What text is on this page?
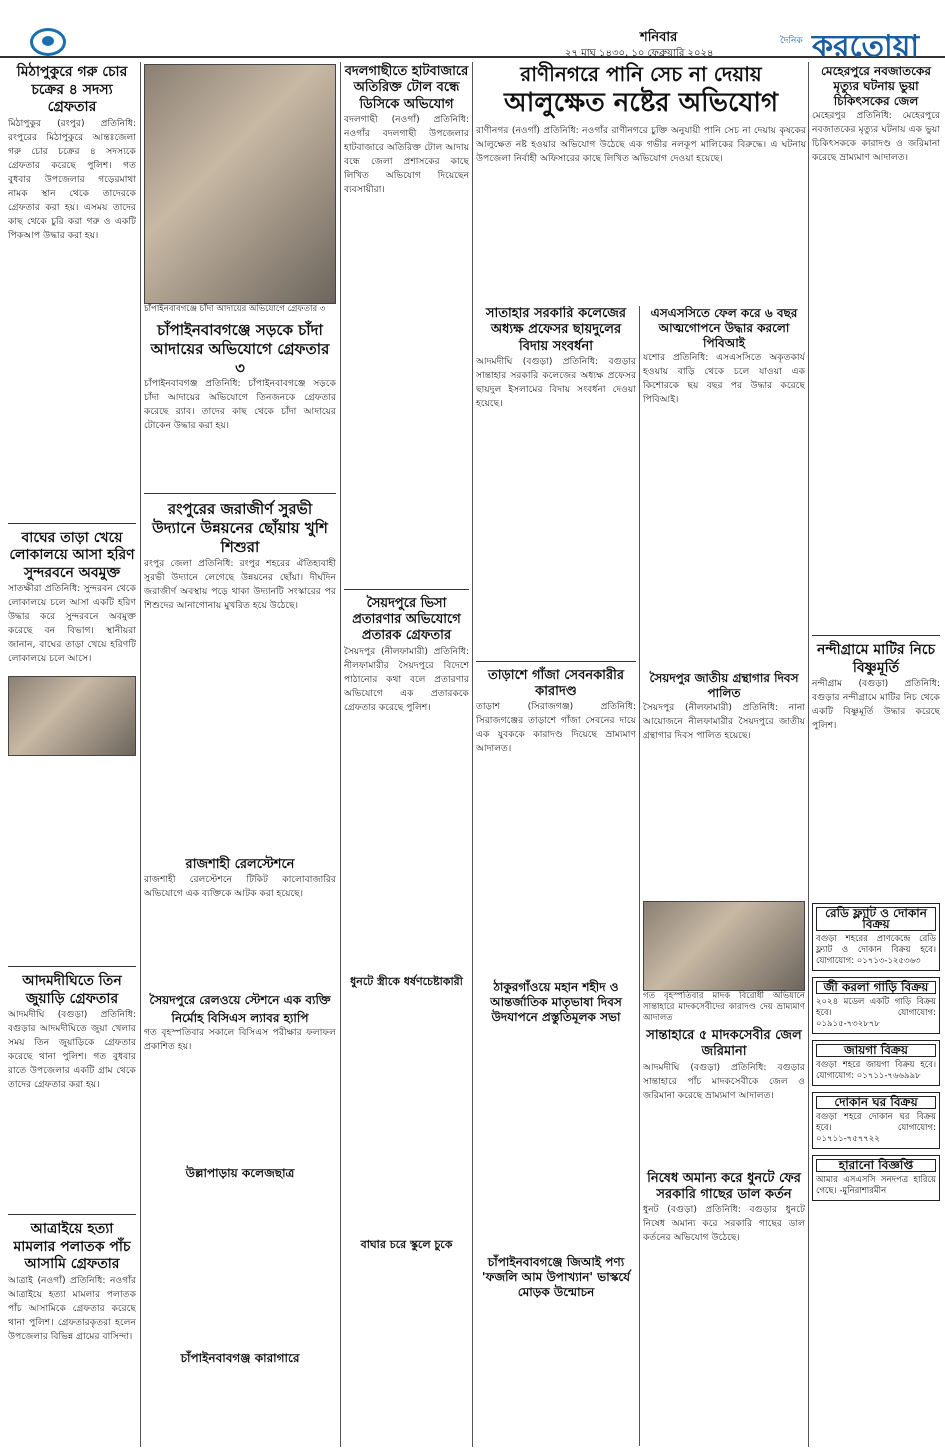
শনিবার
২৭ মাঘ ১৪৩০, ১০ ফেব্রুয়ারি ২০২৪
দৈনিক করতোয়া
মিঠাপুকুরে গরু চোর চক্রের ৪ সদস্য গ্রেফতার
মিঠাপুকুর (রংপুর) প্রতিনিধি: রংপুরের মিঠাপুকুরে আন্তঃজেলা গরু চোর চক্রের ৪ সদস্যকে গ্রেফতার করেছে পুলিশ। গত বুধবার উপজেলার গড়েরমাথা নামক স্থান থেকে তাদেরকে গ্রেফতার করা হয়। এসময় তাদের কাছ থেকে চুরি করা গরু ও একটি পিকআপ উদ্ধার করা হয়।
বাঘের তাড়া খেয়ে লোকালয়ে আসা হরিণ সুন্দরবনে অবমুক্ত
সাতক্ষীরা প্রতিনিধি: সুন্দরবন থেকে লোকালয়ে চলে আসা একটি হরিণ উদ্ধার করে সুন্দরবনে অবমুক্ত করেছে বন বিভাগ। স্থানীয়রা জানান, বাঘের তাড়া খেয়ে হরিণটি লোকালয়ে চলে আসে।
আদমদীঘিতে তিন জুয়াড়ি গ্রেফতার
আদমদীঘি (বগুড়া) প্রতিনিধি: বগুড়ার আদমদীঘিতে জুয়া খেলার সময় তিন জুয়াড়িকে গ্রেফতার করেছে থানা পুলিশ। গত বুধবার রাতে উপজেলার একটি গ্রাম থেকে তাদের গ্রেফতার করা হয়।
আত্রাইয়ে হত্যা মামলার পলাতক পাঁচ আসামি গ্রেফতার
আত্রাই (নওগাঁ) প্রতিনিধি: নওগাঁর আত্রাইয়ে হত্যা মামলার পলাতক পাঁচ আসামিকে গ্রেফতার করেছে থানা পুলিশ। গ্রেফতারকৃতরা হলেন উপজেলার বিভিন্ন গ্রামের বাসিন্দা।
চাঁপাইনবাবগঞ্জে চাঁদা আদায়ের অভিযোগে গ্রেফতার ৩
চাঁপাইনবাবগঞ্জে সড়কে চাঁদা আদায়ের অভিযোগে গ্রেফতার ৩
চাঁপাইনবাবগঞ্জ প্রতিনিধি: চাঁপাইনবাবগঞ্জে সড়কে চাঁদা আদায়ের অভিযোগে তিনজনকে গ্রেফতার করেছে র‌্যাব। তাদের কাছ থেকে চাঁদা আদায়ের টোকেন উদ্ধার করা হয়।
রংপুরের জরাজীর্ণ সুরভী উদ্যানে উন্নয়নের ছোঁয়ায় খুশি শিশুরা
রংপুর জেলা প্রতিনিধি: রংপুর শহরের ঐতিহ্যবাহী সুরভী উদ্যানে লেগেছে উন্নয়নের ছোঁয়া। দীর্ঘদিন জরাজীর্ণ অবস্থায় পড়ে থাকা উদ্যানটি সংস্কারের পর শিশুদের আনাগোনায় মুখরিত হয়ে উঠেছে।
রাজশাহী রেলস্টেশনে
রাজশাহী রেলস্টেশনে টিকিট কালোবাজারির অভিযোগে এক ব্যক্তিকে আটক করা হয়েছে।
সৈয়দপুরে রেলওয়ে স্টেশনে এক ব্যক্তি
নির্মোহ বিসিএস ল্যাবর হ্যাপি
গত বৃহস্পতিবার সকালে বিসিএস পরীক্ষার ফলাফল প্রকাশিত হয়।
উল্লাপাড়ায় কলেজছাত্র
চাঁপাইনবাবগঞ্জ কারাগারে
বদলগাছীতে হাটবাজারে অতিরিক্ত টোল বন্ধে ডিসিকে অভিযোগ
বদলগাছী (নওগাঁ) প্রতিনিধি: নওগাঁর বদলগাছী উপজেলার হাটবাজারে অতিরিক্ত টোল আদায় বন্ধে জেলা প্রশাসকের কাছে লিখিত অভিযোগ দিয়েছেন ব্যবসায়ীরা।
সৈয়দপুরে ভিসা প্রতারণার অভিযোগে প্রতারক গ্রেফতার
সৈয়দপুর (নীলফামারী) প্রতিনিধি: নীলফামারীর সৈয়দপুরে বিদেশে পাঠানোর কথা বলে প্রতারণার অভিযোগে এক প্রতারককে গ্রেফতার করেছে পুলিশ।
ধুনটে স্ত্রীকে ধর্ষণচেষ্টাকারী
বাঘার চরে স্কুলে চুকে
রাণীনগরে পানি সেচ না দেয়ায়
আলুক্ষেত নষ্টের অভিযোগ
রাণীনগর (নওগাঁ) প্রতিনিধি: নওগাঁর রাণীনগরে চুক্তি অনুযায়ী পানি সেচ না দেয়ায় কৃষকের আলুক্ষেত নষ্ট হওয়ার অভিযোগ উঠেছে এক গভীর নলকূপ মালিকের বিরুদ্ধে। এ ঘটনায় উপজেলা নির্বাহী অফিসারের কাছে লিখিত অভিযোগ দেওয়া হয়েছে।
সাতাহার সরকারি কলেজের অধ্যক্ষ প্রফেসর ছায়দুলের বিদায় সংবর্ধনা
আদমদীঘি (বগুড়া) প্রতিনিধি: বগুড়ার সান্তাহার সরকারি কলেজের অধ্যক্ষ প্রফেসর ছায়দুল ইসলামের বিদায় সংবর্ধনা দেওয়া হয়েছে।
তাড়াশে গাঁজা সেবনকারীর কারাদণ্ড
তাড়াশ (সিরাজগঞ্জ) প্রতিনিধি: সিরাজগঞ্জের তাড়াশে গাঁজা সেবনের দায়ে এক যুবককে কারাদণ্ড দিয়েছে ভ্রাম্যমাণ আদালত।
ঠাকুরগাঁওয়ে মহান শহীদ ও আন্তর্জাতিক মাতৃভাষা দিবস উদযাপনে প্রস্তুতিমূলক সভা
চাঁপাইনবাবগঞ্জে জিআই পণ্য 'ফজলি আম উপাখ্যান' ভাস্কর্যে মোড়ক উন্মোচন
এসএসসিতে ফেল করে ৬ বছর আত্মগোপনে উদ্ধার করলো পিবিআই
যশোর প্রতিনিধি: এসএসসিতে অকৃতকার্য হওয়ায় বাড়ি থেকে চলে যাওয়া এক কিশোরকে ছয় বছর পর উদ্ধার করেছে পিবিআই।
সৈয়দপুর জাতীয় গ্রন্থাগার দিবস পালিত
সৈয়দপুর (নীলফামারী) প্রতিনিধি: নানা আয়োজনে নীলফামারীর সৈয়দপুরে জাতীয় গ্রন্থাগার দিবস পালিত হয়েছে।
গত বৃহস্পতিবার মাদক বিরোধী অভিযানে সান্তাহারে মাদকসেবীদের কারাদণ্ড দেয় ভ্রাম্যমাণ আদালত
সান্তাহারে ৫ মাদকসেবীর জেল জরিমানা
আদমদীঘি (বগুড়া) প্রতিনিধি: বগুড়ার সান্তাহারে পাঁচ মাদকসেবীকে জেল ও জরিমানা করেছে ভ্রাম্যমাণ আদালত।
নিষেধ অমান্য করে ধুনটে ফের সরকারি গাছের ডাল কর্তন
ধুনট (বগুড়া) প্রতিনিধি: বগুড়ার ধুনটে নিষেধ অমান্য করে সরকারি গাছের ডাল কর্তনের অভিযোগ উঠেছে।
মেহেরপুরে নবজাতকের মৃত্যুর ঘটনায় ভুয়া চিকিৎসকের জেল
মেহেরপুর প্রতিনিধি: মেহেরপুরে নবজাতকের মৃত্যুর ঘটনায় এক ভুয়া চিকিৎসককে কারাদণ্ড ও জরিমানা করেছে ভ্রাম্যমাণ আদালত।
নন্দীগ্রামে মাটির নিচে বিষ্ণুমূর্তি
নন্দীগ্রাম (বগুড়া) প্রতিনিধি: বগুড়ার নন্দীগ্রামে মাটির নিচ থেকে একটি বিষ্ণুমূর্তি উদ্ধার করেছে পুলিশ।
রেডি ফ্ল্যাট ও দোকান বিক্রয়
বগুড়া শহরের প্রাণকেন্দ্রে রেডি ফ্ল্যাট ও দোকান বিক্রয় হবে। যোগাযোগ: ০১৭১৩-১২৫৩৬৩
জী করলা গাড়ি বিক্রয়
২০২৪ মডেল একটি গাড়ি বিক্রয় হবে। যোগাযোগ: ০১৯১৫-৭৩২৮৭৮
জায়গা বিক্রয়
বগুড়া শহরে জায়গা বিক্রয় হবে। যোগাযোগ: ০১৭১১-৭৬৬৯৯৮
দোকান ঘর বিক্রয়
বগুড়া শহরে দোকান ঘর বিক্রয় হবে। যোগাযোগ: ০১৭১১-৭৫৭৭২২
হারানো বিজ্ঞপ্তি
আমার এসএসসি সনদপত্র হারিয়ে গেছে। -মুনিরাশারমীন
